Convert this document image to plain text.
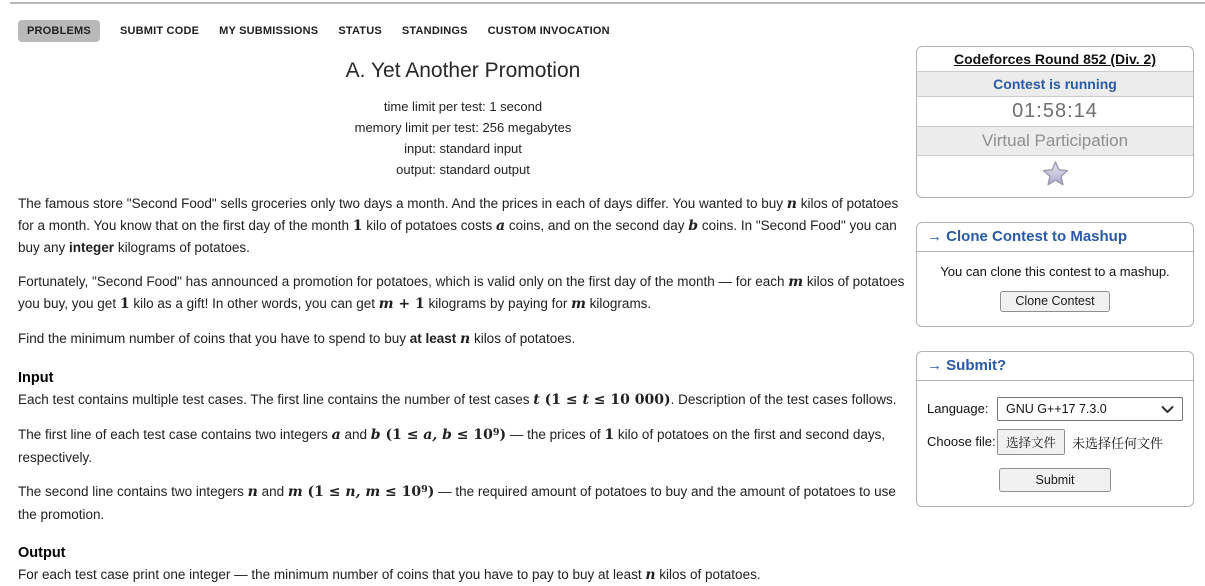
PROBLEMS	SUBMIT CODE MY SUBMISSIONS STATUS STANDINGS CUSTOM INVOCATION
A. Yet Another Promotion
time limit per test: 1 second
memory limit per test: 256 megabytes
input: standard input
output: standard output
The famous store "Second Food" sells groceries only two days a month. And the prices in each of days differ. You wanted to buy n kilos of potatoes for a month. You know that on the first day of the month 1 kilo of potatoes costs a coins, and on the second day b coins. In "Second Food" you can buy any integer kilograms of potatoes.
Fortunately, "Second Food" has announced a promotion for potatoes, which is valid only on the first day of the month — for each m kilos of potatoes you buy, you get 1 kilo as a gift! In other words, you can get m + 1 kilograms by paying for m kilograms.
Find the minimum number of coins that you have to spend to buy at least n kilos of potatoes.
Input
Each test contains multiple test cases. The first line contains the number of test cases t (1 ≤ t ≤ 10 000). Description of the test cases follows.
The first line of each test case contains two integers a and b (1 ≤ a, $b \le 10^9$) — the prices of 1 kilo of potatoes on the first and second days, respectively.
The second line contains two integers n and m (1 ≤ n, $m \le 10^9$) — the required amount of potatoes to buy and the amount of potatoes to use the promotion.
Output
For each test case print one integer — the minimum number of coins that you have to pay to buy at least n kilos of potatoes.
Codeforces Round 852 (Div. 2)
Contest is running
01:58:14
Virtual Participation
→ Clone Contest to Mashup
You can clone this contest to a mashup.
Clone Contest
→ Submit?
Language:	GNU G++17 7.3.0
Choose file: 选择文件	未选择任何文件
Submit
